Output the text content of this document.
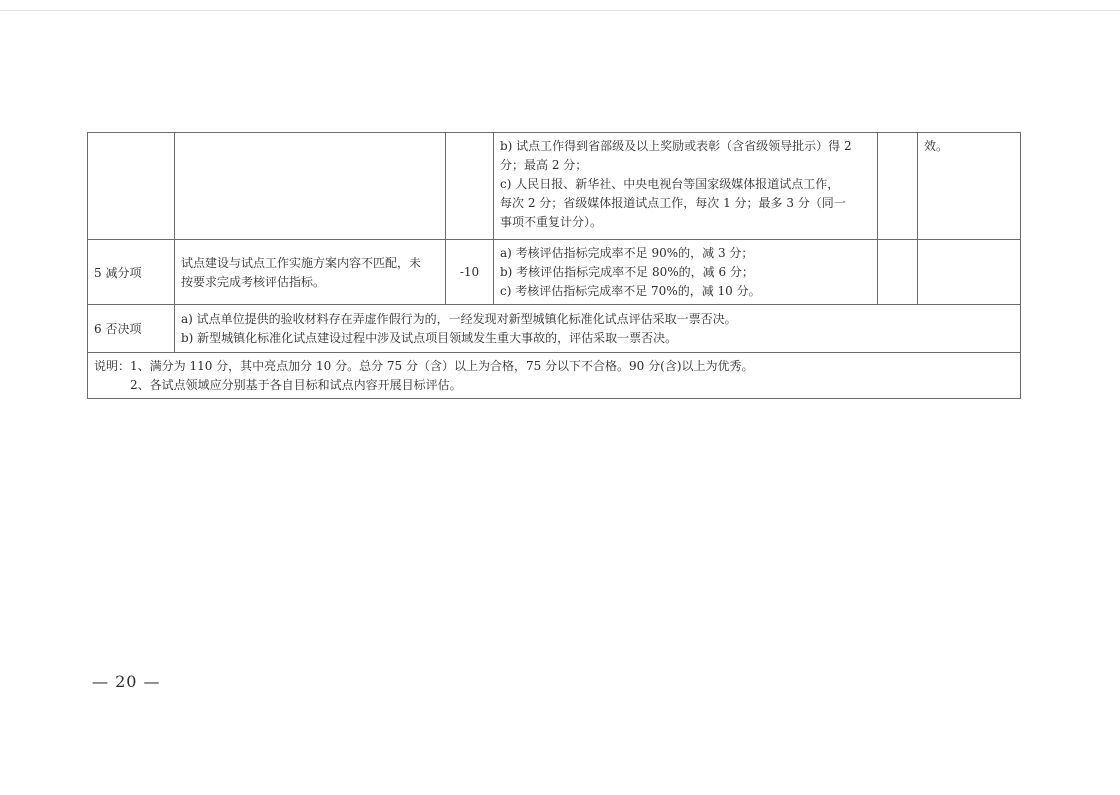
			b) 试点工作得到省部级及以上奖励或表彰（含省级领导批示）得 2
分；最高 2 分；
c) 人民日报、新华社、中央电视台等国家级媒体报道试点工作，
每次 2 分；省级媒体报道试点工作，每次 1 分；最多 3 分（同一
事项不重复计分）。		效。

5 减分项	试点建设与试点工作实施方案内容不匹配，未
按要求完成考核评估指标。	-10	a) 考核评估指标完成率不足 90%的，减 3 分；
b) 考核评估指标完成率不足 80%的，减 6 分；
c) 考核评估指标完成率不足 70%的，减 10 分。		

6 否决项	a) 试点单位提供的验收材料存在弄虚作假行为的，一经发现对新型城镇化标准化试点评估采取一票否决。
b) 新型城镇化标准化试点建设过程中涉及试点项目领域发生重大事故的，评估采取一票否决。				

说明：1、满分为 110 分，其中亮点加分 10 分。总分 75 分（含）以上为合格，75 分以下不合格。90 分(含)以上为优秀。
2、各试点领域应分别基于各自目标和试点内容开展目标评估。					
— 20 —
